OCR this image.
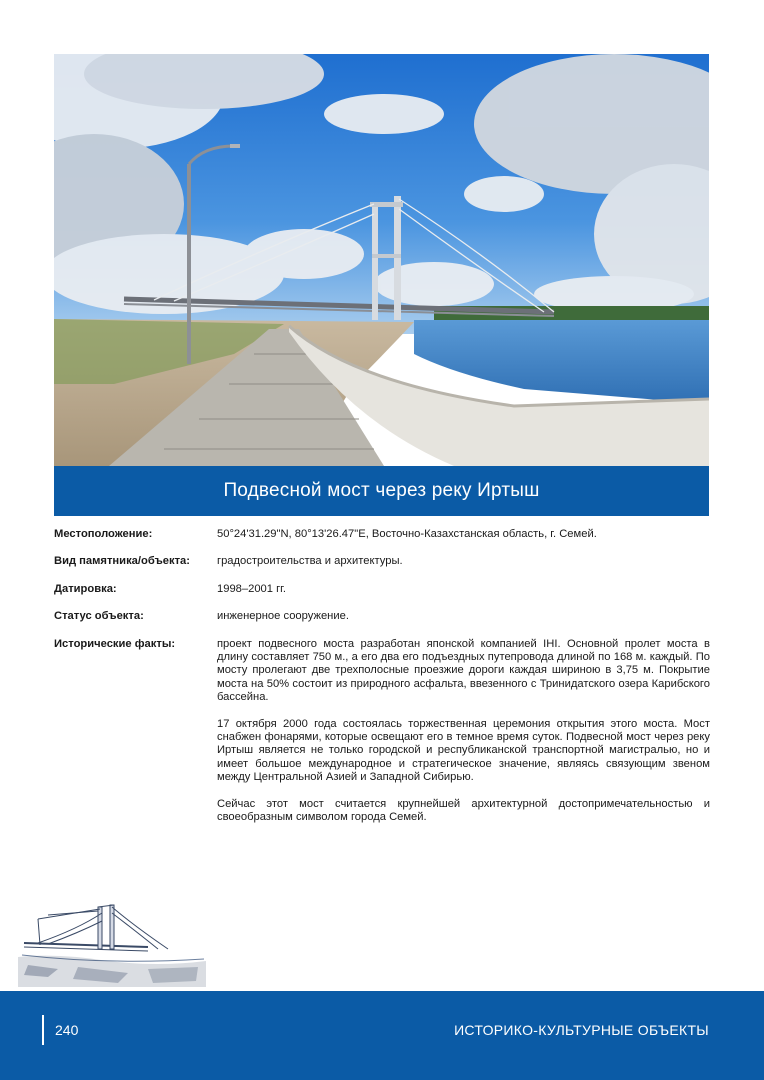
Подвесной мост через реку Иртыш
Местоположение:	50°24'31.29"N, 80°13'26.47"E, Восточно-Казахстанская область, г. Семей.
Вид памятника/объекта:	градостроительства и архитектуры.
Датировка:	1998–2001 гг.
Статус объекта:	инженерное сооружение.
Исторические факты:	проект подвесного моста разработан японской компанией IHI. Основной пролет моста в длину составляет 750 м., а его два его подъездных путепровода длиной по 168 м. каждый. По мосту пролегают две трехполосные проезжие дороги каждая шириною в 3,75 м. Покрытие моста на 50% состоит из природного асфальта, ввезенного с Тринидатского озера Карибского бассейна.

17 октября 2000 года состоялась торжественная церемония открытия этого моста. Мост снабжен фонарями, которые освещают его в темное время суток. Подвесной мост через реку Иртыш является не только городской и республиканской транспортной магистралью, но и имеет большое международное и стратегическое значение, являясь связующим звеном между Центральной Азией и Западной Сибирью.

Сейчас этот мост считается крупнейшей архитектурной достопримечательностью и своеобразным символом города Семей.

240	ИСТОРИКО-КУЛЬТУРНЫЕ ОБЪЕКТЫ
